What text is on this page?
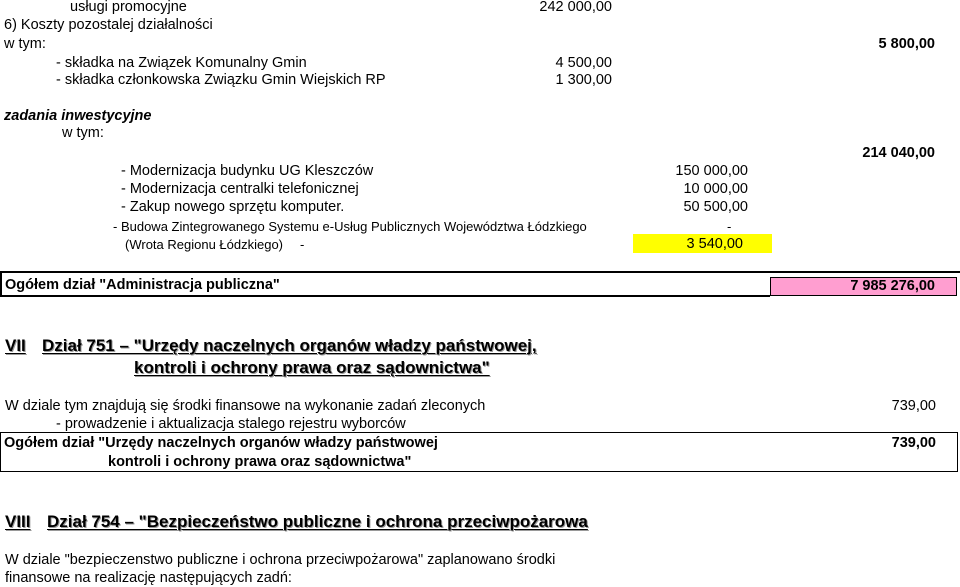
usługi promocyjne	242 000,00
6) Koszty pozostalej działalności
w tym:	5 800,00
- składka na Związek Komunalny Gmin	4 500,00
- składka członkowska Związku Gmin Wiejskich RP	1 300,00
zadania inwestycyjne
w tym:
214 040,00
- Modernizacja budynku UG Kleszczów	150 000,00
- Modernizacja centralki telefonicznej	10 000,00
- Zakup nowego sprzętu komputer.	50 500,00
- Budowa Zintegrowanego Systemu e-Usług Publicznych Województwa Łódzkiego	-
(Wrota Regionu Łódzkiego) -	3 540,00
Ogółem dział "Administracja publiczna"	7 985 276,00
VII Dział 751 – "Urzędy naczelnych organów władzy państwowej,
kontroli i ochrony prawa oraz sądownictwa"
W dziale tym znajdują się środki finansowe na wykonanie zadań zleconych	739,00
- prowadzenie i aktualizacja stalego rejestru wyborców
Ogółem dział "Urzędy naczelnych organów władzy państwowej
kontroli i ochrony prawa oraz sądownictwa"
739,00
VIII Dział 754 – "Bezpieczeństwo publiczne i ochrona przeciwpożarowa
W dziale "bezpieczenstwo publiczne i ochrona przeciwpożarowa" zaplanowano środki
finansowe na realizację następujących zadń:
